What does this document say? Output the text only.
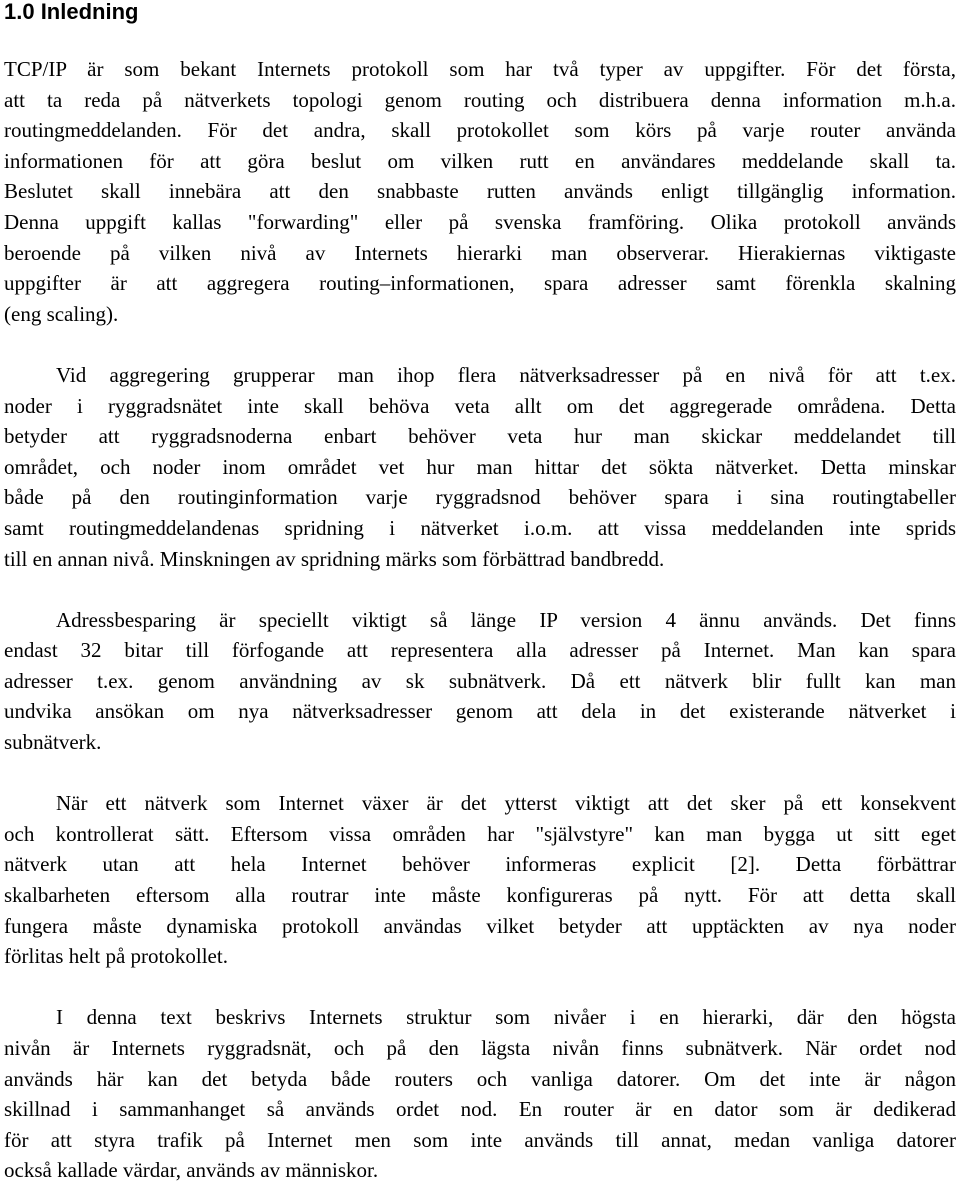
1.0 Inledning
TCP/IP är som bekant Internets protokoll som har två typer av uppgifter. För det första,
att ta reda på nätverkets topologi genom routing och distribuera denna information m.h.a.
routingmeddelanden. För det andra, skall protokollet som körs på varje router använda
informationen för att göra beslut om vilken rutt en användares meddelande skall ta.
Beslutet skall innebära att den snabbaste rutten används enligt tillgänglig information.
Denna uppgift kallas "forwarding" eller på svenska framföring. Olika protokoll används
beroende på vilken nivå av Internets hierarki man observerar. Hierakiernas viktigaste
uppgifter är att aggregera routing–informationen, spara adresser samt förenkla skalning
(eng scaling).
Vid aggregering grupperar man ihop flera nätverksadresser på en nivå för att t.ex.
noder i ryggradsnätet inte skall behöva veta allt om det aggregerade områdena. Detta
betyder att ryggradsnoderna enbart behöver veta hur man skickar meddelandet till
området, och noder inom området vet hur man hittar det sökta nätverket. Detta minskar
både på den routinginformation varje ryggradsnod behöver spara i sina routingtabeller
samt routingmeddelandenas spridning i nätverket i.o.m. att vissa meddelanden inte sprids
till en annan nivå. Minskningen av spridning märks som förbättrad bandbredd.
Adressbesparing är speciellt viktigt så länge IP version 4 ännu används. Det finns
endast 32 bitar till förfogande att representera alla adresser på Internet. Man kan spara
adresser t.ex. genom användning av sk subnätverk. Då ett nätverk blir fullt kan man
undvika ansökan om nya nätverksadresser genom att dela in det existerande nätverket i
subnätverk.
När ett nätverk som Internet växer är det ytterst viktigt att det sker på ett konsekvent
och kontrollerat sätt. Eftersom vissa områden har "självstyre" kan man bygga ut sitt eget
nätverk utan att hela Internet behöver informeras explicit [2]. Detta förbättrar
skalbarheten eftersom alla routrar inte måste konfigureras på nytt. För att detta skall
fungera måste dynamiska protokoll användas vilket betyder att upptäckten av nya noder
förlitas helt på protokollet.
I denna text beskrivs Internets struktur som nivåer i en hierarki, där den högsta
nivån är Internets ryggradsnät, och på den lägsta nivån finns subnätverk. När ordet nod
används här kan det betyda både routers och vanliga datorer. Om det inte är någon
skillnad i sammanhanget så används ordet nod. En router är en dator som är dedikerad
för att styra trafik på Internet men som inte används till annat, medan vanliga datorer
också kallade värdar, används av människor.
